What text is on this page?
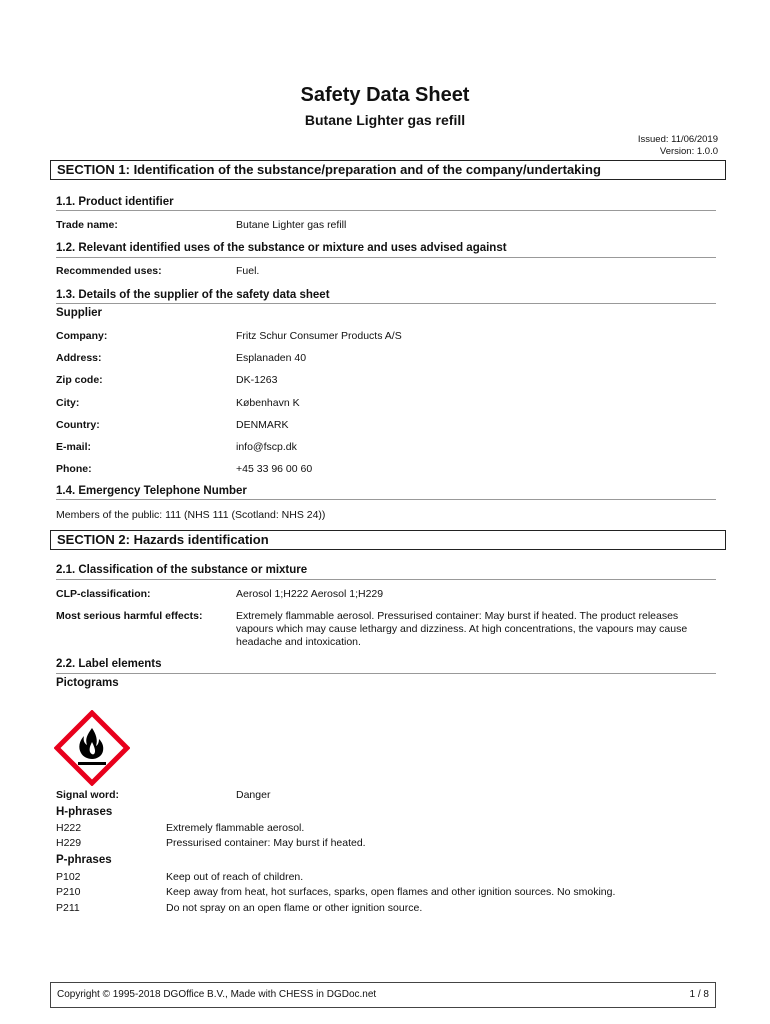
Safety Data Sheet
Butane Lighter gas refill
Issued: 11/06/2019
Version: 1.0.0
SECTION 1: Identification of the substance/preparation and of the company/undertaking
1.1. Product identifier
Trade name:	Butane Lighter gas refill
1.2. Relevant identified uses of the substance or mixture and uses advised against
Recommended uses:	Fuel.
1.3. Details of the supplier of the safety data sheet
Supplier
Company:	Fritz Schur Consumer Products A/S
Address:	Esplanaden 40
Zip code:	DK-1263
City:	København K
Country:	DENMARK
E-mail:	info@fscp.dk
Phone:	+45 33 96 00 60
1.4. Emergency Telephone Number
Members of the public: 111 (NHS 111 (Scotland: NHS 24))
SECTION 2: Hazards identification
2.1. Classification of the substance or mixture
CLP-classification:	Aerosol 1;H222 Aerosol 1;H229
Most serious harmful effects:	Extremely flammable aerosol. Pressurised container: May burst if heated. The product releases vapours which may cause lethargy and dizziness. At high concentrations, the vapours may cause headache and intoxication.
2.2. Label elements
Pictograms
Signal word:	Danger
H-phrases
H222	Extremely flammable aerosol.
H229	Pressurised container: May burst if heated.
P-phrases
P102	Keep out of reach of children.
P210	Keep away from heat, hot surfaces, sparks, open flames and other ignition sources. No smoking.
P211	Do not spray on an open flame or other ignition source.
Copyright © 1995-2018 DGOffice B.V., Made with CHESS in DGDoc.net	1 / 8
